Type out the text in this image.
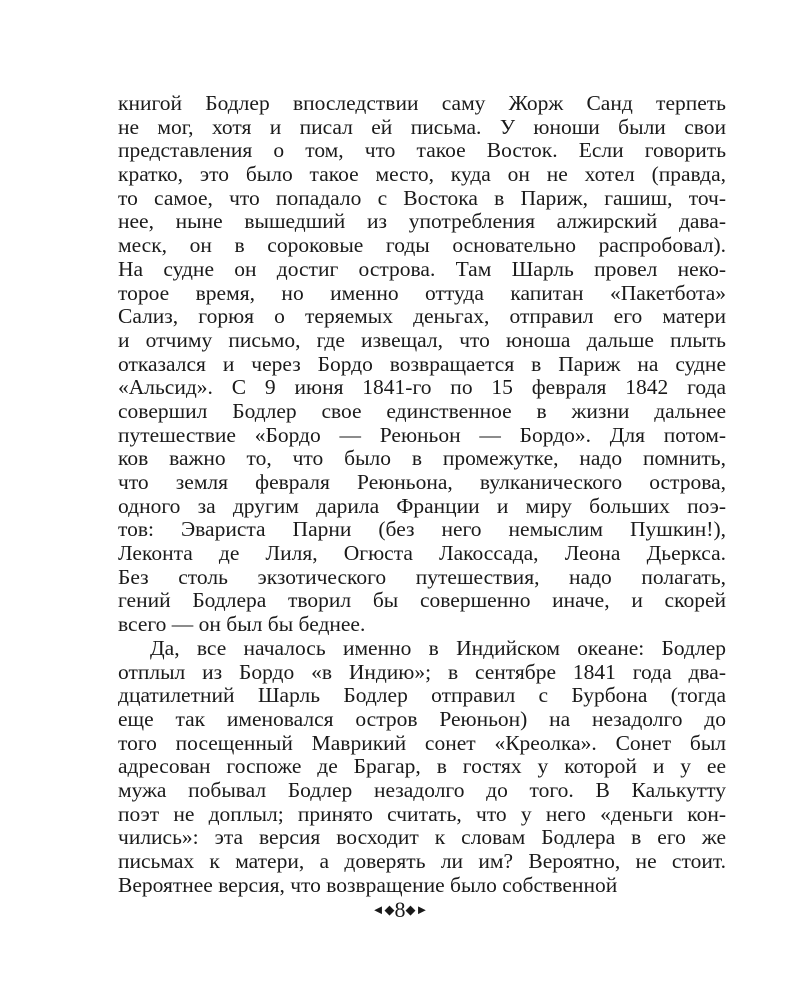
книгой Бодлер впоследствии саму Жорж Санд терпеть
не мог, хотя и писал ей письма. У юноши были свои
представления о том, что такое Восток. Если говорить
кратко, это было такое место, куда он не хотел (правда,
то самое, что попадало с Востока в Париж, гашиш, точ-
нее, ныне вышедший из употребления алжирский дава-
меск, он в сороковые годы основательно распробовал).
На судне он достиг острова. Там Шарль провел неко-
торое время, но именно оттуда капитан «Пакетбота»
Сализ, горюя о теряемых деньгах, отправил его матери
и отчиму письмо, где извещал, что юноша дальше плыть
отказался и через Бордо возвращается в Париж на судне
«Альсид». С 9 июня 1841-го по 15 февраля 1842 года
совершил Бодлер свое единственное в жизни дальнее
путешествие «Бордо — Реюньон — Бордо». Для потом-
ков важно то, что было в промежутке, надо помнить,
что земля февраля Реюньона, вулканического острова,
одного за другим дарила Франции и миру больших поэ-
тов: Эвариста Парни (без него немыслим Пушкин!),
Леконта де Лиля, Огюста Лакоссада, Леона Дьеркса.
Без столь экзотического путешествия, надо полагать,
гений Бодлера творил бы совершенно иначе, и скорей
всего — он был бы беднее.
Да, все началось именно в Индийском океане: Бодлер
отплыл из Бордо «в Индию»; в сентябре 1841 года два-
дцатилетний Шарль Бодлер отправил с Бурбона (тогда
еще так именовался остров Реюньон) на незадолго до
того посещенный Маврикий сонет «Креолка». Сонет был
адресован госпоже де Брагар, в гостях у которой и у ее
мужа побывал Бодлер незадолго до того. В Калькутту
поэт не доплыл; принято считать, что у него «деньги кон-
чились»: эта версия восходит к словам Бодлера в его же
письмах к матери, а доверять ли им? Вероятно, не стоит.
Вероятнее версия, что возвращение было собственной
◄◆8◆►
